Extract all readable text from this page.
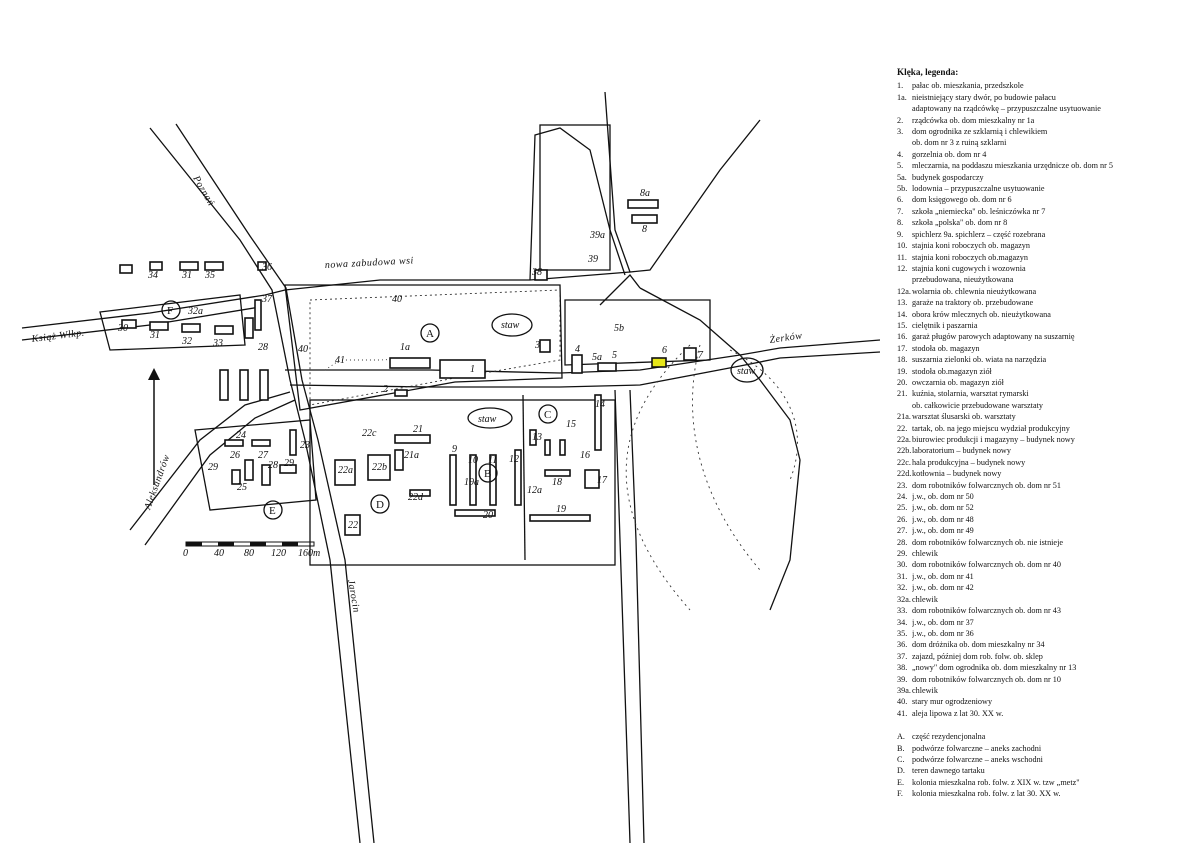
staw
staw
staw
A
B
C
D
E
F
Poznań
Książ Wlkp.	Żerków
Aleksandrów
Jarocin
nowa zabudowa wsi
0	40 80 120 160m
1
1a
2
3	4
5
5a
5b
6	7
8
8a
9
10 11 12
12a
13
14
15
16
17
18
19
19a
20
21
21a
22a 22b
22c
22d
22
23
24
25
26 27
28
28
29	29
30
31
31
32
32a
33
34	35
36
37
38
39
39a
40
40
41
Klęka, legenda:
1.	pałac ob. mieszkania, przedszkole
1a. nieistniejący stary dwór, po budowie pałacu
adaptowany na rządcówkę – przypuszczalne usytuowanie
2.	rządcówka ob. dom mieszkalny nr 1a
3.	dom ogrodnika ze szklarnią i chlewikiem
ob. dom nr 3 z ruiną szklarni
4.	gorzelnia ob. dom nr 4
5.	mleczarnia, na poddaszu mieszkania urzędnicze ob. dom nr 5
5a. budynek gospodarczy
5b. lodownia – przypuszczalne usytuowanie
6.	dom księgowego ob. dom nr 6
7.	szkoła „niemiecka" ob. leśniczówka nr 7
8.	szkoła „polska" ob. dom nr 8
9.	spichlerz 9a. spichlerz – część rozebrana
10. stajnia koni roboczych ob. magazyn
11. stajnia koni roboczych ob.magazyn
12. stajnia koni cugowych i wozownia
przebudowana, nieużytkowana
12a. wolarnia ob. chlewnia nieużytkowana
13. garaże na traktory ob. przebudowane
14. obora krów mlecznych ob. nieużytkowana
15. cielętnik i paszarnia
16. garaż pługów parowych adaptowany na suszarnię
17. stodoła ob. magazyn
18. suszarnia zielonki ob. wiata na narzędzia
19. stodoła ob.magazyn ziół
20. owczarnia ob. magazyn ziół
21. kuźnia, stolarnia, warsztat rymarski
ob. całkowicie przebudowane warsztaty
21a. warsztat ślusarski ob. warsztaty
22. tartak, ob. na jego miejscu wydział produkcyjny
22a. biurowiec produkcji i magazyny – budynek nowy
22b. laboratorium – budynek nowy
22c. hala produkcyjna – budynek nowy
22d. kotłownia – budynek nowy
23. dom robotników folwarcznych ob. dom nr 51
24. j.w., ob. dom nr 50
25. j.w., ob. dom nr 52
26. j.w., ob. dom nr 48
27. j.w., ob. dom nr 49
28. dom robotników folwarcznych ob. nie istnieje
29. chlewik
30. dom robotników folwarcznych ob. dom nr 40
31. j.w., ob. dom nr 41
32. j.w., ob. dom nr 42
32a. chlewik
33. dom robotników folwarcznych ob. dom nr 43
34. j.w., ob. dom nr 37
35. j.w., ob. dom nr 36
36. dom dróżnika ob. dom mieszkalny nr 34
37. zajazd, później dom rob. folw. ob. sklep
38. „nowy" dom ogrodnika ob. dom mieszkalny nr 13
39. dom robotników folwarcznych ob. dom nr 10
39a. chlewik
40. stary mur ogrodzeniowy
41. aleja lipowa z lat 30. XX w.
A. część rezydencjonalna
B. podwórze folwarczne – aneks zachodni
C. podwórze folwarczne – aneks wschodni
D. teren dawnego tartaku
E. kolonia mieszkalna rob. folw. z XIX w. tzw „metz"
F.	kolonia mieszkalna rob. folw. z lat 30. XX w.
